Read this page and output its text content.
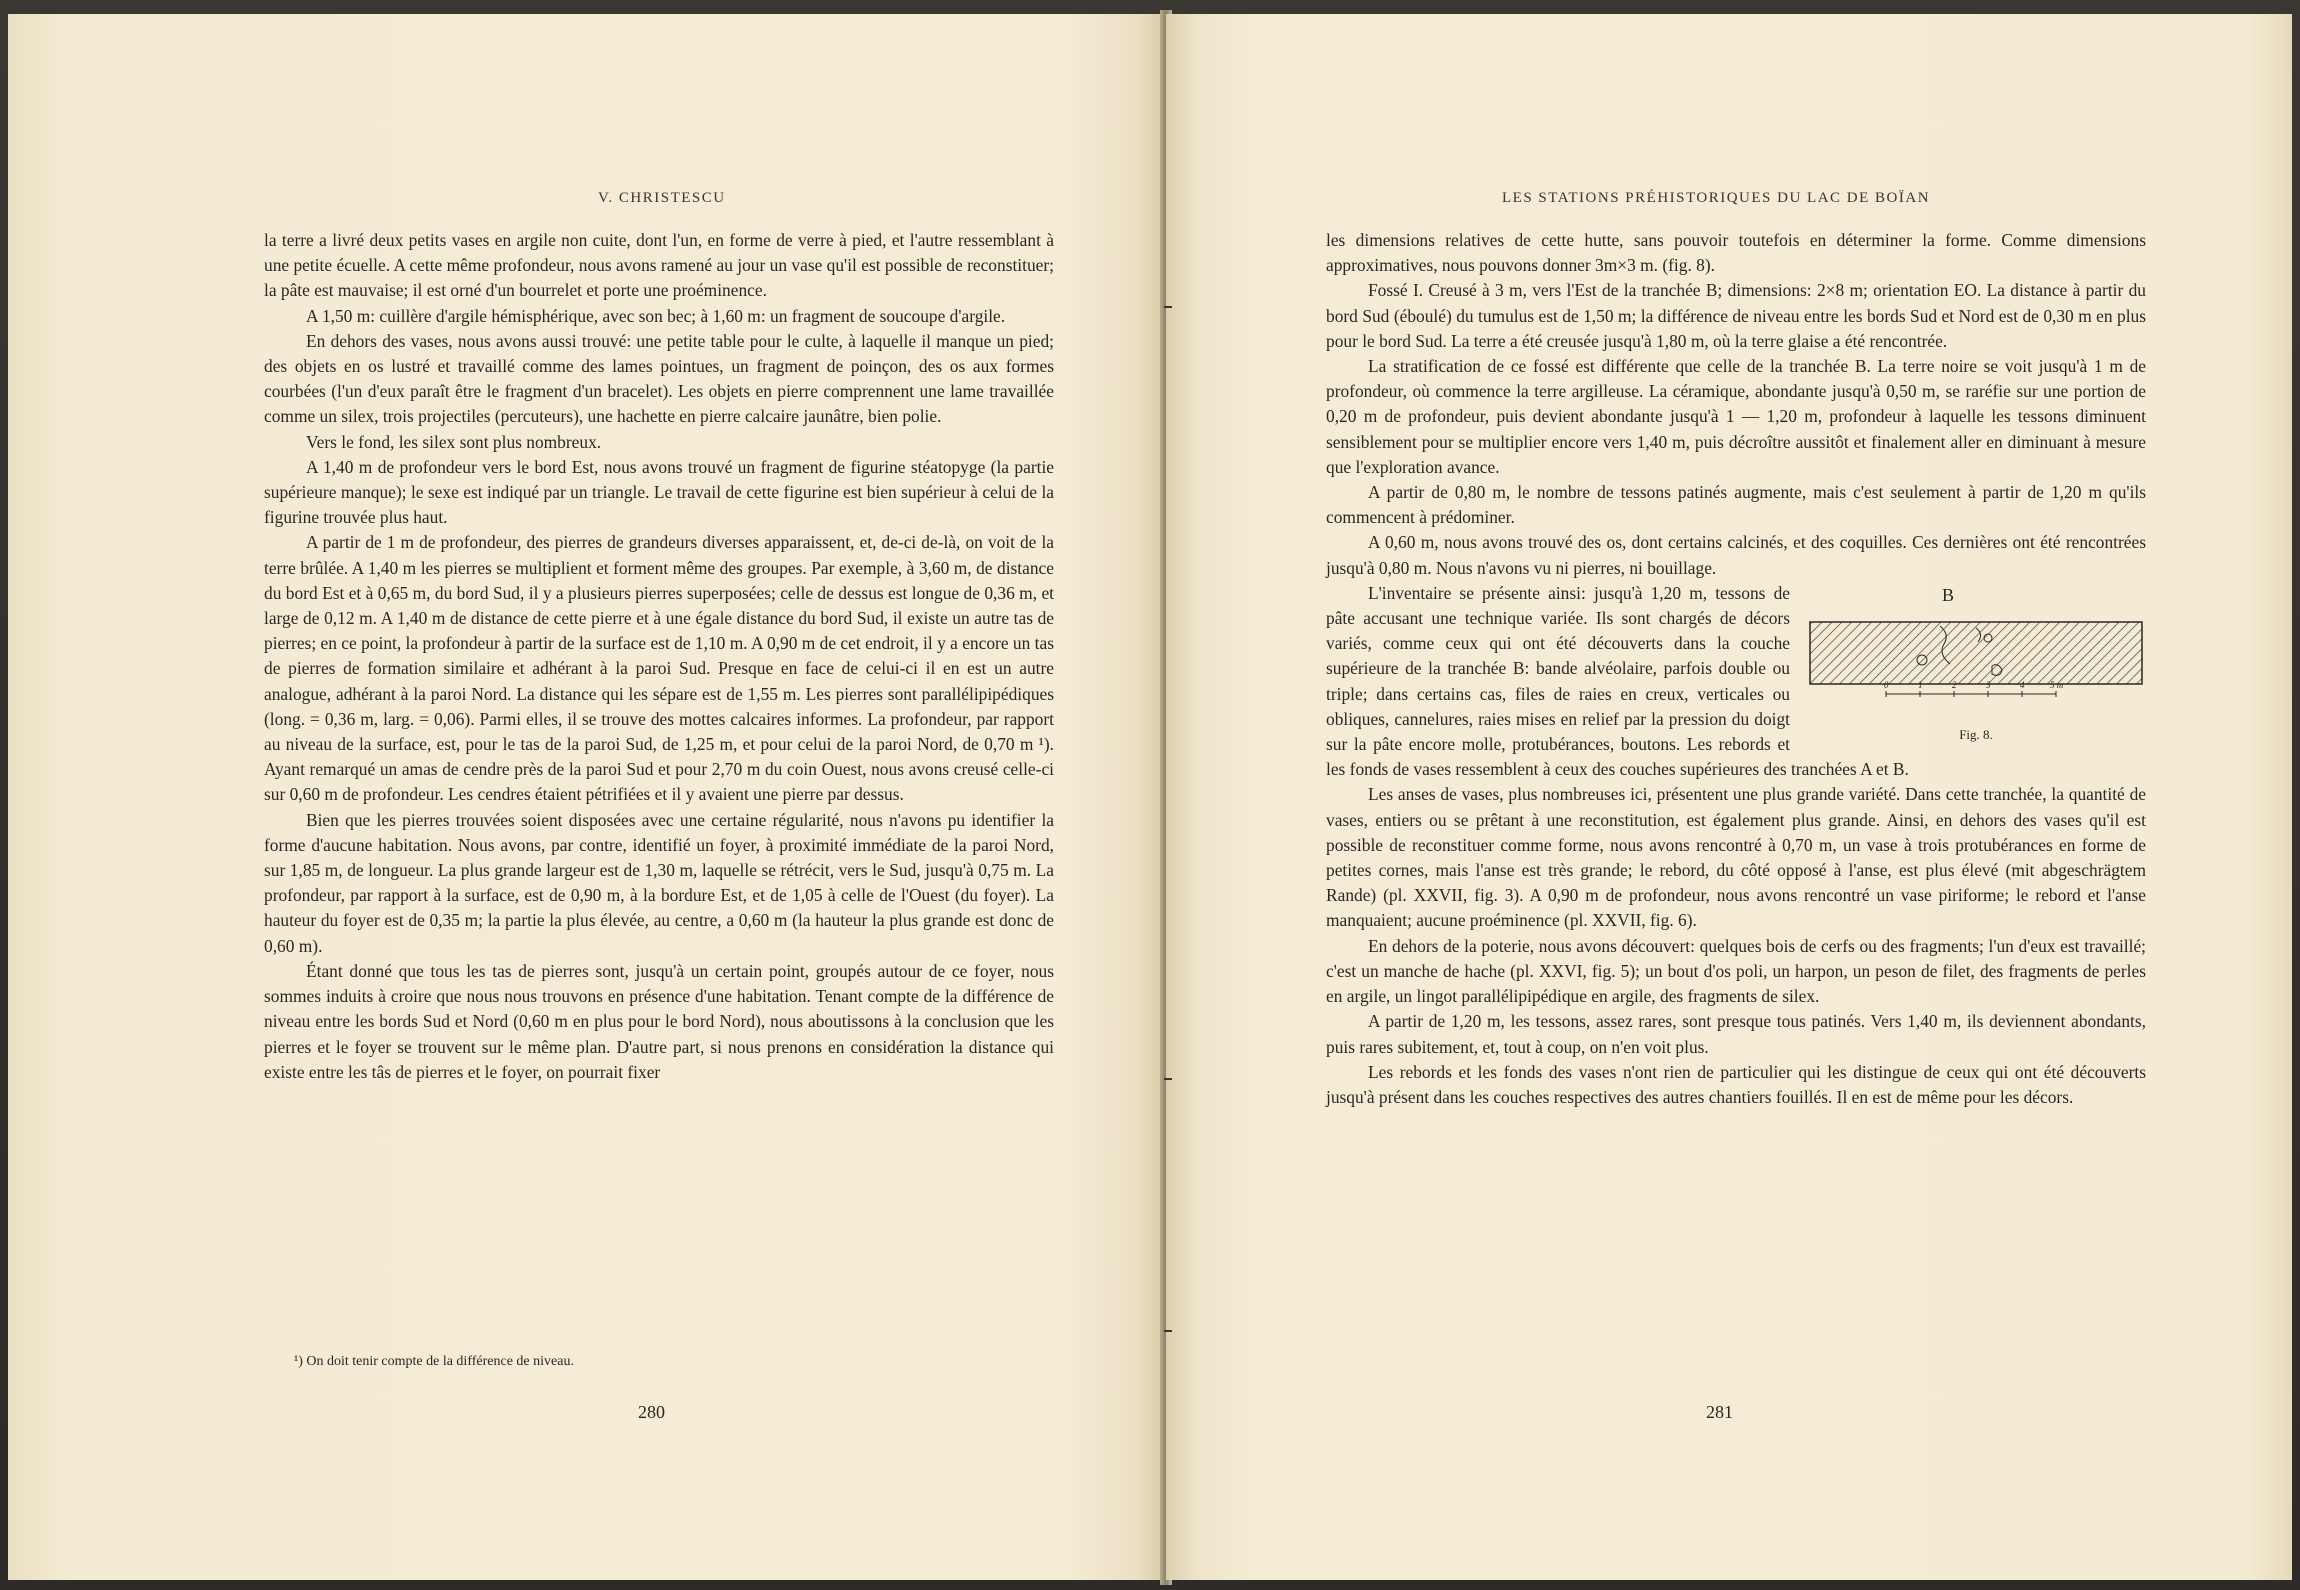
V. CHRISTESCU

la terre a livré deux petits vases en argile non cuite, dont l'un, en forme de verre à pied, et l'autre ressemblant à une petite écuelle. A cette même profondeur, nous avons ramené au jour un vase qu'il est possible de reconstituer; la pâte est mauvaise; il est orné d'un bourrelet et porte une proéminence.

A 1,50 m: cuillère d'argile hémisphérique, avec son bec; à 1,60 m: un fragment de soucoupe d'argile.

En dehors des vases, nous avons aussi trouvé: une petite table pour le culte, à laquelle il manque un pied; des objets en os lustré et travaillé comme des lames pointues, un fragment de poinçon, des os aux formes courbées (l'un d'eux paraît être le fragment d'un bracelet). Les objets en pierre comprennent une lame travaillée comme un silex, trois projectiles (percuteurs), une hachette en pierre calcaire jaunâtre, bien polie.

Vers le fond, les silex sont plus nombreux.

A 1,40 m de profondeur vers le bord Est, nous avons trouvé un fragment de figurine stéatopyge (la partie supérieure manque); le sexe est indiqué par un triangle. Le travail de cette figurine est bien supérieur à celui de la figurine trouvée plus haut.

A partir de 1 m de profondeur, des pierres de grandeurs diverses apparaissent, et, de-ci de-là, on voit de la terre brûlée. A 1,40 m les pierres se multiplient et forment même des groupes. Par exemple, à 3,60 m, de distance du bord Est et à 0,65 m, du bord Sud, il y a plusieurs pierres superposées; celle de dessus est longue de 0,36 m, et large de 0,12 m. A 1,40 m de distance de cette pierre et à une égale distance du bord Sud, il existe un autre tas de pierres; en ce point, la profondeur à partir de la surface est de 1,10 m. A 0,90 m de cet endroit, il y a encore un tas de pierres de formation similaire et adhérant à la paroi Sud. Presque en face de celui-ci il en est un autre analogue, adhérant à la paroi Nord. La distance qui les sépare est de 1,55 m. Les pierres sont parallélipipédiques (long. = 0,36 m, larg. = 0,06). Parmi elles, il se trouve des mottes calcaires informes. La profondeur, par rapport au niveau de la surface, est, pour le tas de la paroi Sud, de 1,25 m, et pour celui de la paroi Nord, de 0,70 m ¹). Ayant remarqué un amas de cendre près de la paroi Sud et pour 2,70 m du coin Ouest, nous avons creusé celle-ci sur 0,60 m de profondeur. Les cendres étaient pétrifiées et il y avaient une pierre par dessus.

Bien que les pierres trouvées soient disposées avec une certaine régularité, nous n'avons pu identifier la forme d'aucune habitation. Nous avons, par contre, identifié un foyer, à proximité immédiate de la paroi Nord, sur 1,85 m, de longueur. La plus grande largeur est de 1,30 m, laquelle se rétrécit, vers le Sud, jusqu'à 0,75 m. La profondeur, par rapport à la surface, est de 0,90 m, à la bordure Est, et de 1,05 à celle de l'Ouest (du foyer). La hauteur du foyer est de 0,35 m; la partie la plus élevée, au centre, a 0,60 m (la hauteur la plus grande est donc de 0,60 m).

Étant donné que tous les tas de pierres sont, jusqu'à un certain point, groupés autour de ce foyer, nous sommes induits à croire que nous nous trouvons en présence d'une habitation. Tenant compte de la différence de niveau entre les bords Sud et Nord (0,60 m en plus pour le bord Nord), nous aboutissons à la conclusion que les pierres et le foyer se trouvent sur le même plan. D'autre part, si nous prenons en considération la distance qui existe entre les tâs de pierres et le foyer, on pourrait fixer

¹) On doit tenir compte de la différence de niveau.
280
LES STATIONS PRÉHISTORIQUES DU LAC DE BOÏAN

les dimensions relatives de cette hutte, sans pouvoir toutefois en déterminer la forme. Comme dimensions approximatives, nous pouvons donner 3m×3 m. (fig. 8).

Fossé I. Creusé à 3 m, vers l'Est de la tranchée B; dimensions: 2×8 m; orientation EO. La distance à partir du bord Sud (éboulé) du tumulus est de 1,50 m; la différence de niveau entre les bords Sud et Nord est de 0,30 m en plus pour le bord Sud. La terre a été creusée jusqu'à 1,80 m, où la terre glaise a été rencontrée.

La stratification de ce fossé est différente que celle de la tranchée B. La terre noire se voit jusqu'à 1 m de profondeur, où commence la terre argilleuse. La céramique, abondante jusqu'à 0,50 m, se raréfie sur une portion de 0,20 m de profondeur, puis devient abondante jusqu'à 1 — 1,20 m, profondeur à laquelle les tessons diminuent sensiblement pour se multiplier encore vers 1,40 m, puis décroître aussitôt et finalement aller en diminuant à mesure que l'exploration avance.

A partir de 0,80 m, le nombre de tessons patinés augmente, mais c'est seulement à partir de 1,20 m qu'ils commencent à prédominer.

A 0,60 m, nous avons trouvé des os, dont certains calcinés, et des coquilles. Ces dernières ont été rencontrées jusqu'à 0,80 m. Nous n'avons vu ni pierres, ni bouillage.

B
0	1	2	3	4	5 m
Fig. 8.

L'inventaire se présente ainsi: jusqu'à 1,20 m, tessons de pâte accusant une technique variée. Ils sont chargés de décors variés, comme ceux qui ont été découverts dans la couche supérieure de la tranchée B: bande alvéolaire, parfois double ou triple; dans certains cas, files de raies en creux, verticales ou obliques, cannelures, raies mises en relief par la pression du doigt sur la pâte encore molle, protubérances, boutons. Les rebords et les fonds de vases ressemblent à ceux des couches supérieures des tranchées A et B.

Les anses de vases, plus nombreuses ici, présentent une plus grande variété. Dans cette tranchée, la quantité de vases, entiers ou se prêtant à une reconstitution, est également plus grande. Ainsi, en dehors des vases qu'il est possible de reconstituer comme forme, nous avons rencontré à 0,70 m, un vase à trois protubérances en forme de petites cornes, mais l'anse est très grande; le rebord, du côté opposé à l'anse, est plus élevé (mit abgeschrägtem Rande) (pl. XXVII, fig. 3). A 0,90 m de profondeur, nous avons rencontré un vase piriforme; le rebord et l'anse manquaient; aucune proéminence (pl. XXVII, fig. 6).

En dehors de la poterie, nous avons découvert: quelques bois de cerfs ou des fragments; l'un d'eux est travaillé; c'est un manche de hache (pl. XXVI, fig. 5); un bout d'os poli, un harpon, un peson de filet, des fragments de perles en argile, un lingot parallélipipédique en argile, des fragments de silex.

A partir de 1,20 m, les tessons, assez rares, sont presque tous patinés. Vers 1,40 m, ils deviennent abondants, puis rares subitement, et, tout à coup, on n'en voit plus.

Les rebords et les fonds des vases n'ont rien de particulier qui les distingue de ceux qui ont été découverts jusqu'à présent dans les couches respectives des autres chantiers fouillés. Il en est de même pour les décors.

281
